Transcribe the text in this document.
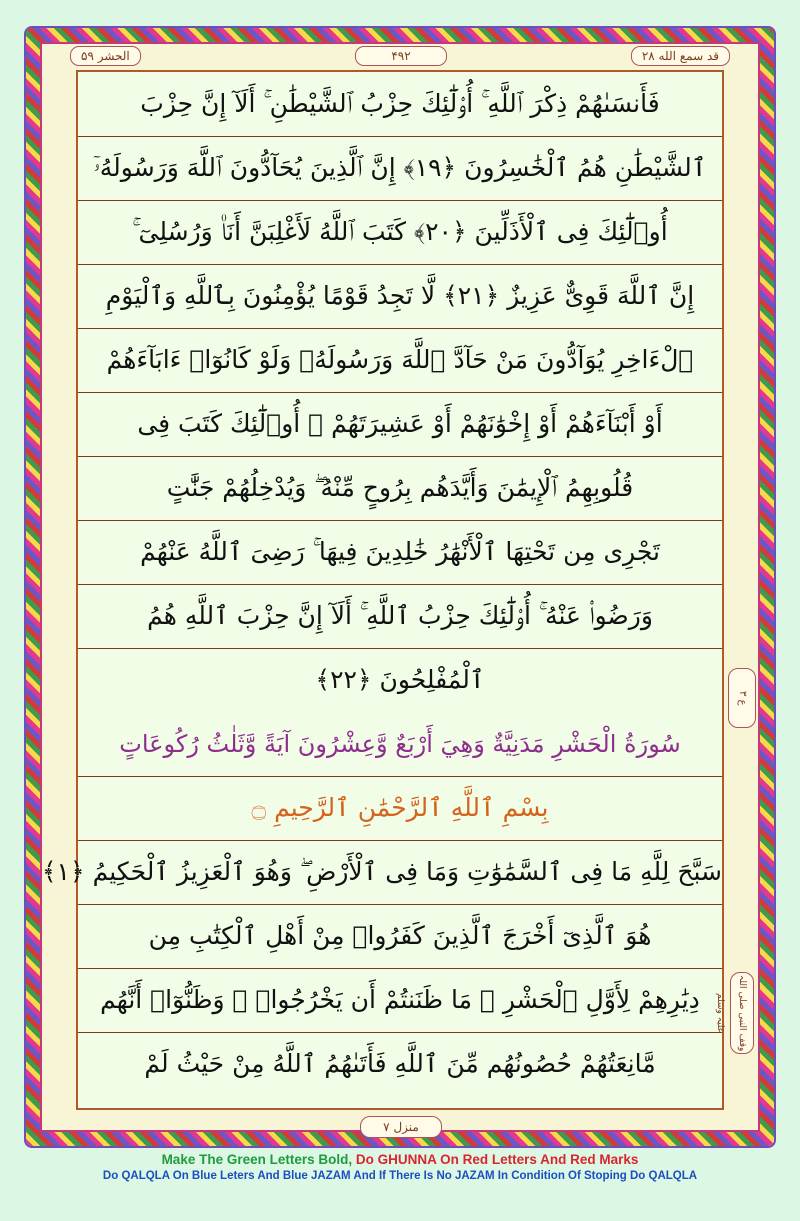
الحشر ۵۹	۴۹۲	قد سمع الله ۲۸
فَأَنسَىٰهُمْ ذِكْرَ ٱللَّهِ ۚ أُو۟لَٰٓئِكَ حِزْبُ ٱلشَّيْطَٰنِ ۚ أَلَآ إِنَّ حِزْبَ
ٱلشَّيْطَٰنِ هُمُ ٱلْخَٰسِرُونَ ﴿١٩﴾ إِنَّ ٱلَّذِينَ يُحَآدُّونَ ٱللَّهَ وَرَسُولَهُۥٓ
أُو۟لَٰٓئِكَ فِى ٱلْأَذَلِّينَ ﴿٢٠﴾ كَتَبَ ٱللَّهُ لَأَغْلِبَنَّ أَنَا۠ وَرُسُلِىٓ ۚ
إِنَّ ٱللَّهَ قَوِىٌّ عَزِيزٌ ﴿٢١﴾ لَّا تَجِدُ قَوْمًا يُؤْمِنُونَ بِٱللَّهِ وَٱلْيَوْمِ
ٱلْءَاخِرِ يُوَآدُّونَ مَنْ حَآدَّ ٱللَّهَ وَرَسُولَهُۥ وَلَوْ كَانُوٓا۟ ءَابَآءَهُمْ
أَوْ أَبْنَآءَهُمْ أَوْ إِخْوَٰنَهُمْ أَوْ عَشِيرَتَهُمْ ۚ أُو۟لَٰٓئِكَ كَتَبَ فِى
قُلُوبِهِمُ ٱلْإِيمَٰنَ وَأَيَّدَهُم بِرُوحٍ مِّنْهُ ۖ وَيُدْخِلُهُمْ جَنَّٰتٍ
تَجْرِى مِن تَحْتِهَا ٱلْأَنْهَٰرُ خَٰلِدِينَ فِيهَا ۚ رَضِىَ ٱللَّهُ عَنْهُمْ
وَرَضُوا۟ عَنْهُ ۚ أُو۟لَٰٓئِكَ حِزْبُ ٱللَّهِ ۚ أَلَآ إِنَّ حِزْبَ ٱللَّهِ هُمُ
ٱلْمُفْلِحُونَ ﴿٢٢﴾
سُورَةُ الْحَشْرِ مَدَنِيَّةٌ وَهِيَ أَرْبَعٌ وَّعِشْرُونَ آيَةً وَّثَلٰثُ رُكُوعَاتٍ
بِسْمِ ٱللَّهِ ٱلرَّحْمَٰنِ ٱلرَّحِيمِ ۝
سَبَّحَ لِلَّهِ مَا فِى ٱلسَّمَٰوَٰتِ وَمَا فِى ٱلْأَرْضِ ۖ وَهُوَ ٱلْعَزِيزُ ٱلْحَكِيمُ ﴿١﴾
هُوَ ٱلَّذِىٓ أَخْرَجَ ٱلَّذِينَ كَفَرُوا۟ مِنْ أَهْلِ ٱلْكِتَٰبِ مِن
دِيَٰرِهِمْ لِأَوَّلِ ٱلْحَشْرِ ۚ مَا ظَنَنتُمْ أَن يَخْرُجُوا۟ ۖ وَظَنُّوٓا۟ أَنَّهُم
مَّانِعَتُهُمْ حُصُونُهُم مِّنَ ٱللَّهِ فَأَتَىٰهُمُ ٱللَّهُ مِنْ حَيْثُ لَمْ
ع ۳
وقف النبی صلی اللہ علیہ وسلم
منزل ۷
Make The Green Letters Bold, Do GHUNNA On Red Letters And Red Marks
Do QALQLA On Blue Leters And Blue JAZAM And If There Is No JAZAM In Condition Of Stoping Do QALQLA
